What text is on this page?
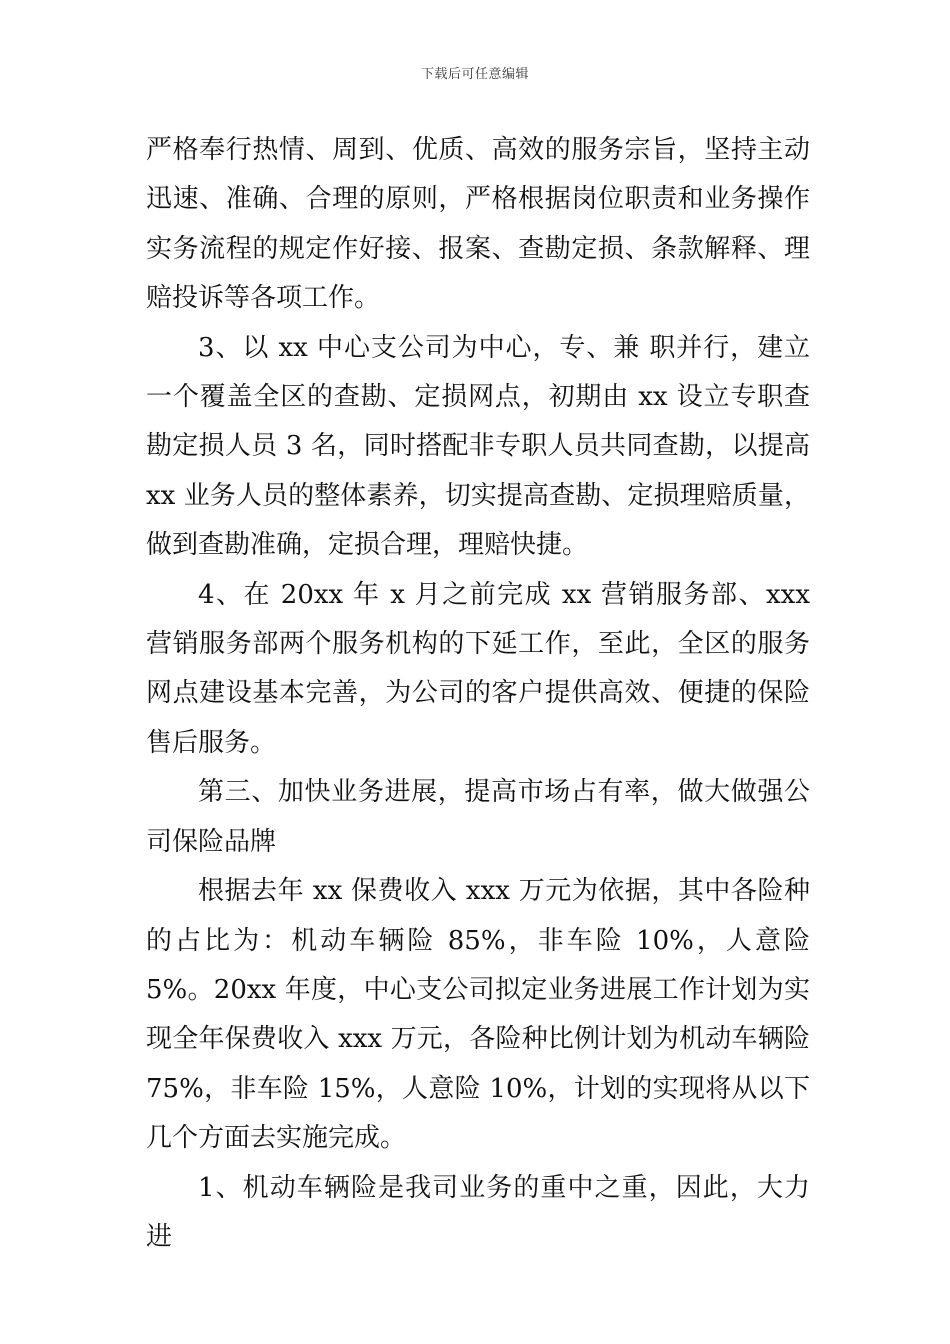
下载后可任意编辑

严格奉行热情、周到、优质、高效的服务宗旨，坚持主动迅速、准确、合理的原则，严格根据岗位职责和业务操作实务流程的规定作好接、报案、查勘定损、条款解释、理赔投诉等各项工作。

3、以 xx 中心支公司为中心，专、兼 职并行，建立一个覆盖全区的查勘、定损网点，初期由 xx 设立专职查勘定损人员 3 名，同时搭配非专职人员共同查勘，以提高 xx 业务人员的整体素养，切实提高查勘、定损理赔质量，做到查勘准确，定损合理，理赔快捷。

4、在 20xx 年 x 月之前完成 xx 营销服务部、xxx 营销服务部两个服务机构的下延工作，至此，全区的服务网点建设基本完善，为公司的客户提供高效、便捷的保险售后服务。

第三、加快业务进展，提高市场占有率，做大做强公司保险品牌

根据去年 xx 保费收入 xxx 万元为依据，其中各险种的占比为：机动车辆险 85%，非车险 10%，人意险 5%。20xx 年度，中心支公司拟定业务进展工作计划为实现全年保费收入 xxx 万元，各险种比例计划为机动车辆险 75%，非车险 15%，人意险 10%，计划的实现将从以下几个方面去实施完成。

1、机动车辆险是我司业务的重中之重，因此，大力进
